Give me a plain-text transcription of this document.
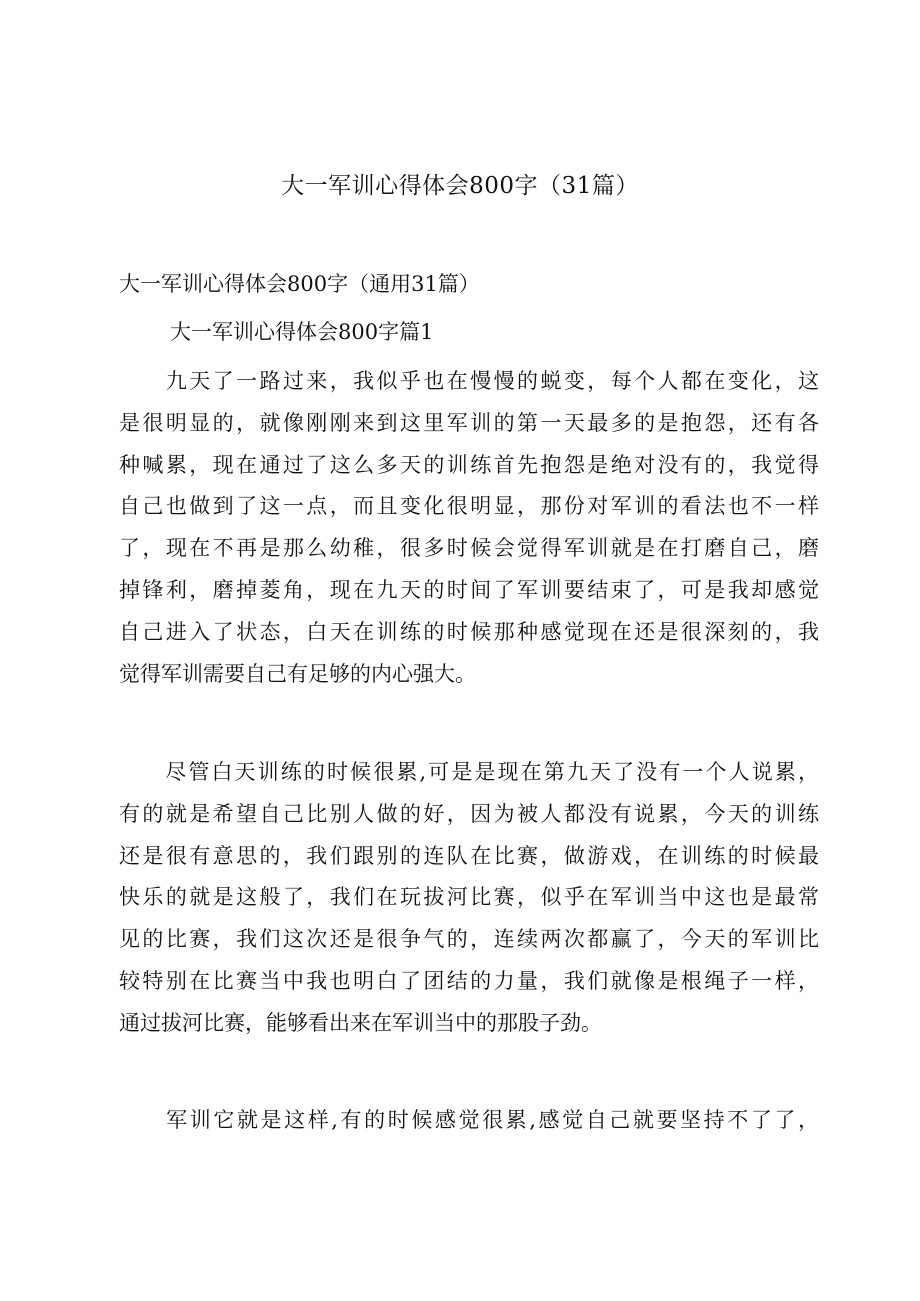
大一军训心得体会800字（31篇）
大一军训心得体会800字（通用31篇）
大一军训心得体会800字篇1
　　九天了一路过来，我似乎也在慢慢的蜕变，每个人都在变化，这
是很明显的，就像刚刚来到这里军训的第一天最多的是抱怨，还有各
种喊累，现在通过了这么多天的训练首先抱怨是绝对没有的，我觉得
自己也做到了这一点，而且变化很明显，那份对军训的看法也不一样
了，现在不再是那么幼稚，很多时候会觉得军训就是在打磨自己，磨
掉锋利，磨掉菱角，现在九天的时间了军训要结束了，可是我却感觉
自己进入了状态，白天在训练的时候那种感觉现在还是很深刻的，我
觉得军训需要自己有足够的内心强大。
　　尽管白天训练的时候很累,可是是现在第九天了没有一个人说累，
有的就是希望自己比别人做的好，因为被人都没有说累，今天的训练
还是很有意思的，我们跟别的连队在比赛，做游戏，在训练的时候最
快乐的就是这般了，我们在玩拔河比赛，似乎在军训当中这也是最常
见的比赛，我们这次还是很争气的，连续两次都赢了，今天的军训比
较特别在比赛当中我也明白了团结的力量，我们就像是根绳子一样，
通过拔河比赛，能够看出来在军训当中的那股子劲。
　　军训它就是这样,有的时候感觉很累,感觉自己就要坚持不了了，
